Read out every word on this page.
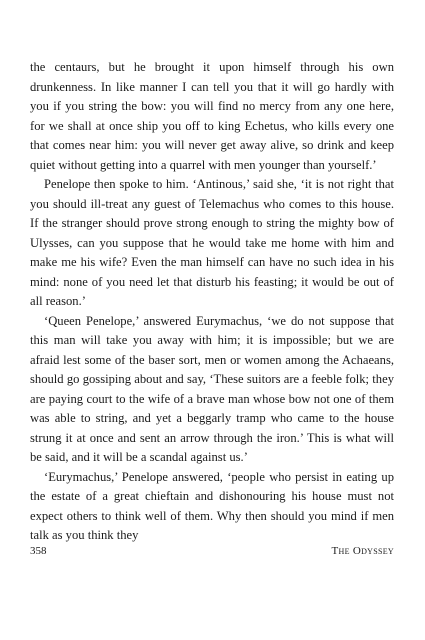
the centaurs, but he brought it upon himself through his own drunkenness. In like manner I can tell you that it will go hardly with you if you string the bow: you will find no mercy from any one here, for we shall at once ship you off to king Echetus, who kills every one that comes near him: you will never get away alive, so drink and keep quiet without getting into a quarrel with men younger than yourself.’

Penelope then spoke to him. ‘Antinous,’ said she, ‘it is not right that you should ill-treat any guest of Telemachus who comes to this house. If the stranger should prove strong enough to string the mighty bow of Ulysses, can you suppose that he would take me home with him and make me his wife? Even the man himself can have no such idea in his mind: none of you need let that disturb his feasting; it would be out of all reason.’

‘Queen Penelope,’ answered Eurymachus, ‘we do not suppose that this man will take you away with him; it is impossible; but we are afraid lest some of the baser sort, men or women among the Achaeans, should go gossiping about and say, ‘These suitors are a feeble folk; they are paying court to the wife of a brave man whose bow not one of them was able to string, and yet a beggarly tramp who came to the house strung it at once and sent an arrow through the iron.’ This is what will be said, and it will be a scandal against us.’

‘Eurymachus,’ Penelope answered, ‘people who persist in eating up the estate of a great chieftain and dishonouring his house must not expect others to think well of them. Why then should you mind if men talk as you think they

358	The Odyssey
